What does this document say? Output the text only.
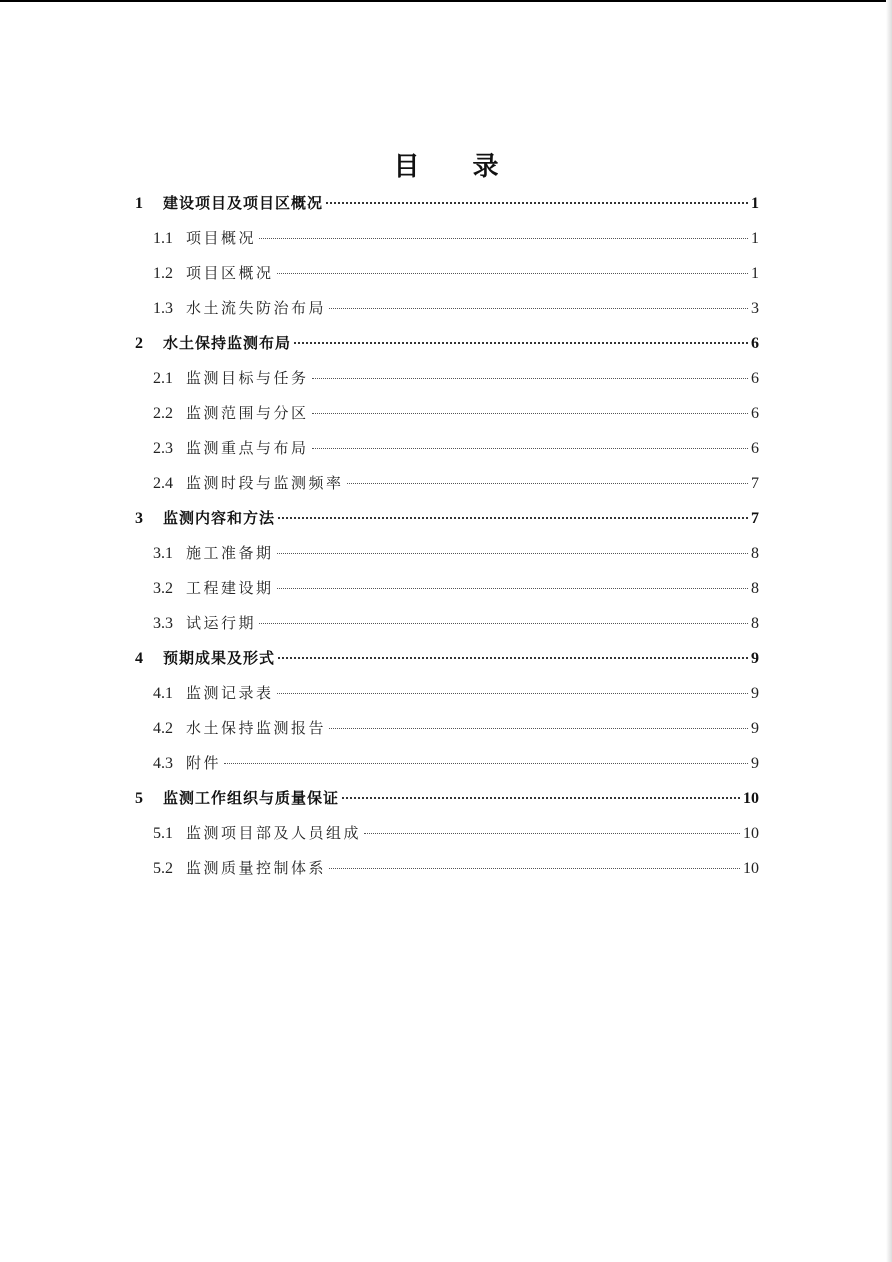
目 录
1	建设项目及项目区概况	1
1.1 项目概况	1
1.2 项目区概况	1
1.3 水土流失防治布局	3
2	水土保持监测布局	6
2.1 监测目标与任务	6
2.2 监测范围与分区	6
2.3 监测重点与布局	6
2.4 监测时段与监测频率	7
3	监测内容和方法	7
3.1 施工准备期	8
3.2 工程建设期	8
3.3 试运行期	8
4	预期成果及形式	9
4.1 监测记录表	9
4.2 水土保持监测报告	9
4.3 附件	9
5	监测工作组织与质量保证	10
5.1 监测项目部及人员组成	10
5.2 监测质量控制体系	10
